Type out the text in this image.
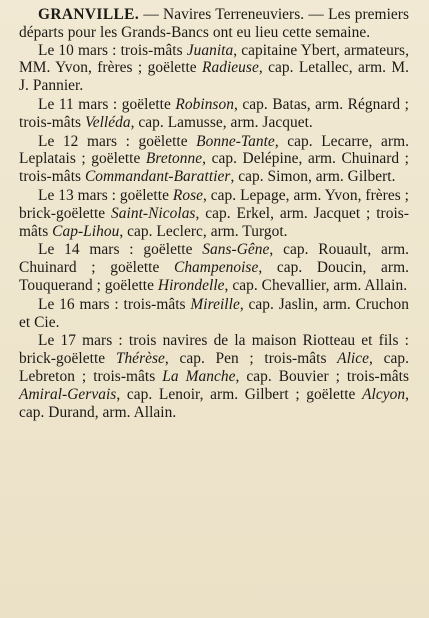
GRANVILLE. — Navires Terreneuviers. — Les premiers départs pour les Grands-Bancs ont eu lieu cette semaine.

Le 10 mars : trois-mâts Juanita, capitaine Ybert, armateurs, MM. Yvon, frères ; goëlette Radieuse, cap. Letallec, arm. M. J. Pannier.

Le 11 mars : goëlette Robinson, cap. Batas, arm. Régnard ; trois-mâts Velléda, cap. Lamusse, arm. Jacquet.

Le 12 mars : goëlette Bonne-Tante, cap. Lecarre, arm. Leplatais ; goëlette Bretonne, cap. Delépine, arm. Chuinard ; trois-mâts Commandant-Barattier, cap. Simon, arm. Gilbert.

Le 13 mars : goëlette Rose, cap. Lepage, arm. Yvon, frères ; brick-goëlette Saint-Nicolas, cap. Erkel, arm. Jacquet ; trois-mâts Cap-Lihou, cap. Leclerc, arm. Turgot.

Le 14 mars : goëlette Sans-Gêne, cap. Rouault, arm. Chuinard ; goëlette Champenoise, cap. Doucin, arm. Touquerand ; goëlette Hirondelle, cap. Chevallier, arm. Allain.

Le 16 mars : trois-mâts Mireille, cap. Jaslin, arm. Cruchon et Cie.

Le 17 mars : trois navires de la maison Riotteau et fils : brick-goëlette Thérèse, cap. Pen ; trois-mâts Alice, cap. Lebreton ; trois-mâts La Manche, cap. Bouvier ; trois-mâts Amiral-Gervais, cap. Lenoir, arm. Gilbert ; goëlette Alcyon, cap. Durand, arm. Allain.
